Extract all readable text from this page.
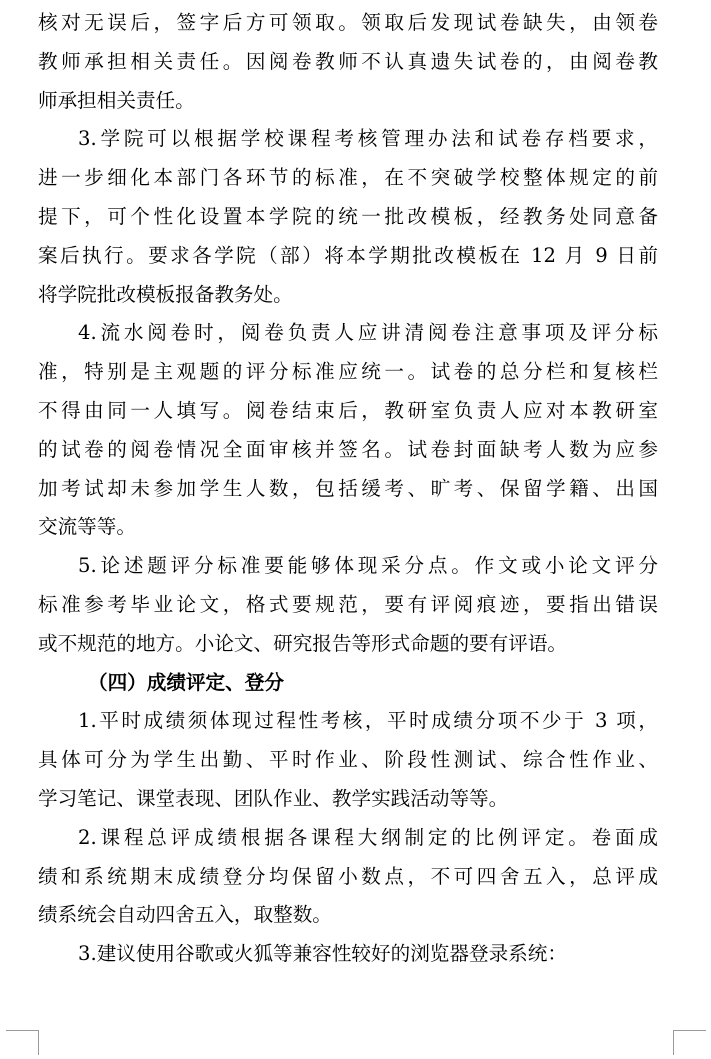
核对无误后，签字后方可领取。领取后发现试卷缺失，由领卷
教师承担相关责任。因阅卷教师不认真遗失试卷的，由阅卷教
师承担相关责任。
3.学院可以根据学校课程考核管理办法和试卷存档要求，
进一步细化本部门各环节的标准，在不突破学校整体规定的前
提下，可个性化设置本学院的统一批改模板，经教务处同意备
案后执行。要求各学院（部）将本学期批改模板在 12 月 9 日前
将学院批改模板报备教务处。
4.流水阅卷时，阅卷负责人应讲清阅卷注意事项及评分标
准，特别是主观题的评分标准应统一。试卷的总分栏和复核栏
不得由同一人填写。阅卷结束后，教研室负责人应对本教研室
的试卷的阅卷情况全面审核并签名。试卷封面缺考人数为应参
加考试却未参加学生人数，包括缓考、旷考、保留学籍、出国
交流等等。
5.论述题评分标准要能够体现采分点。作文或小论文评分
标准参考毕业论文，格式要规范，要有评阅痕迹，要指出错误
或不规范的地方。小论文、研究报告等形式命题的要有评语。
（四）成绩评定、登分
1.平时成绩须体现过程性考核，平时成绩分项不少于 3 项，
具体可分为学生出勤、平时作业、阶段性测试、综合性作业、
学习笔记、课堂表现、团队作业、教学实践活动等等。
2.课程总评成绩根据各课程大纲制定的比例评定。卷面成
绩和系统期末成绩登分均保留小数点，不可四舍五入，总评成
绩系统会自动四舍五入，取整数。
3.建议使用谷歌或火狐等兼容性较好的浏览器登录系统：
